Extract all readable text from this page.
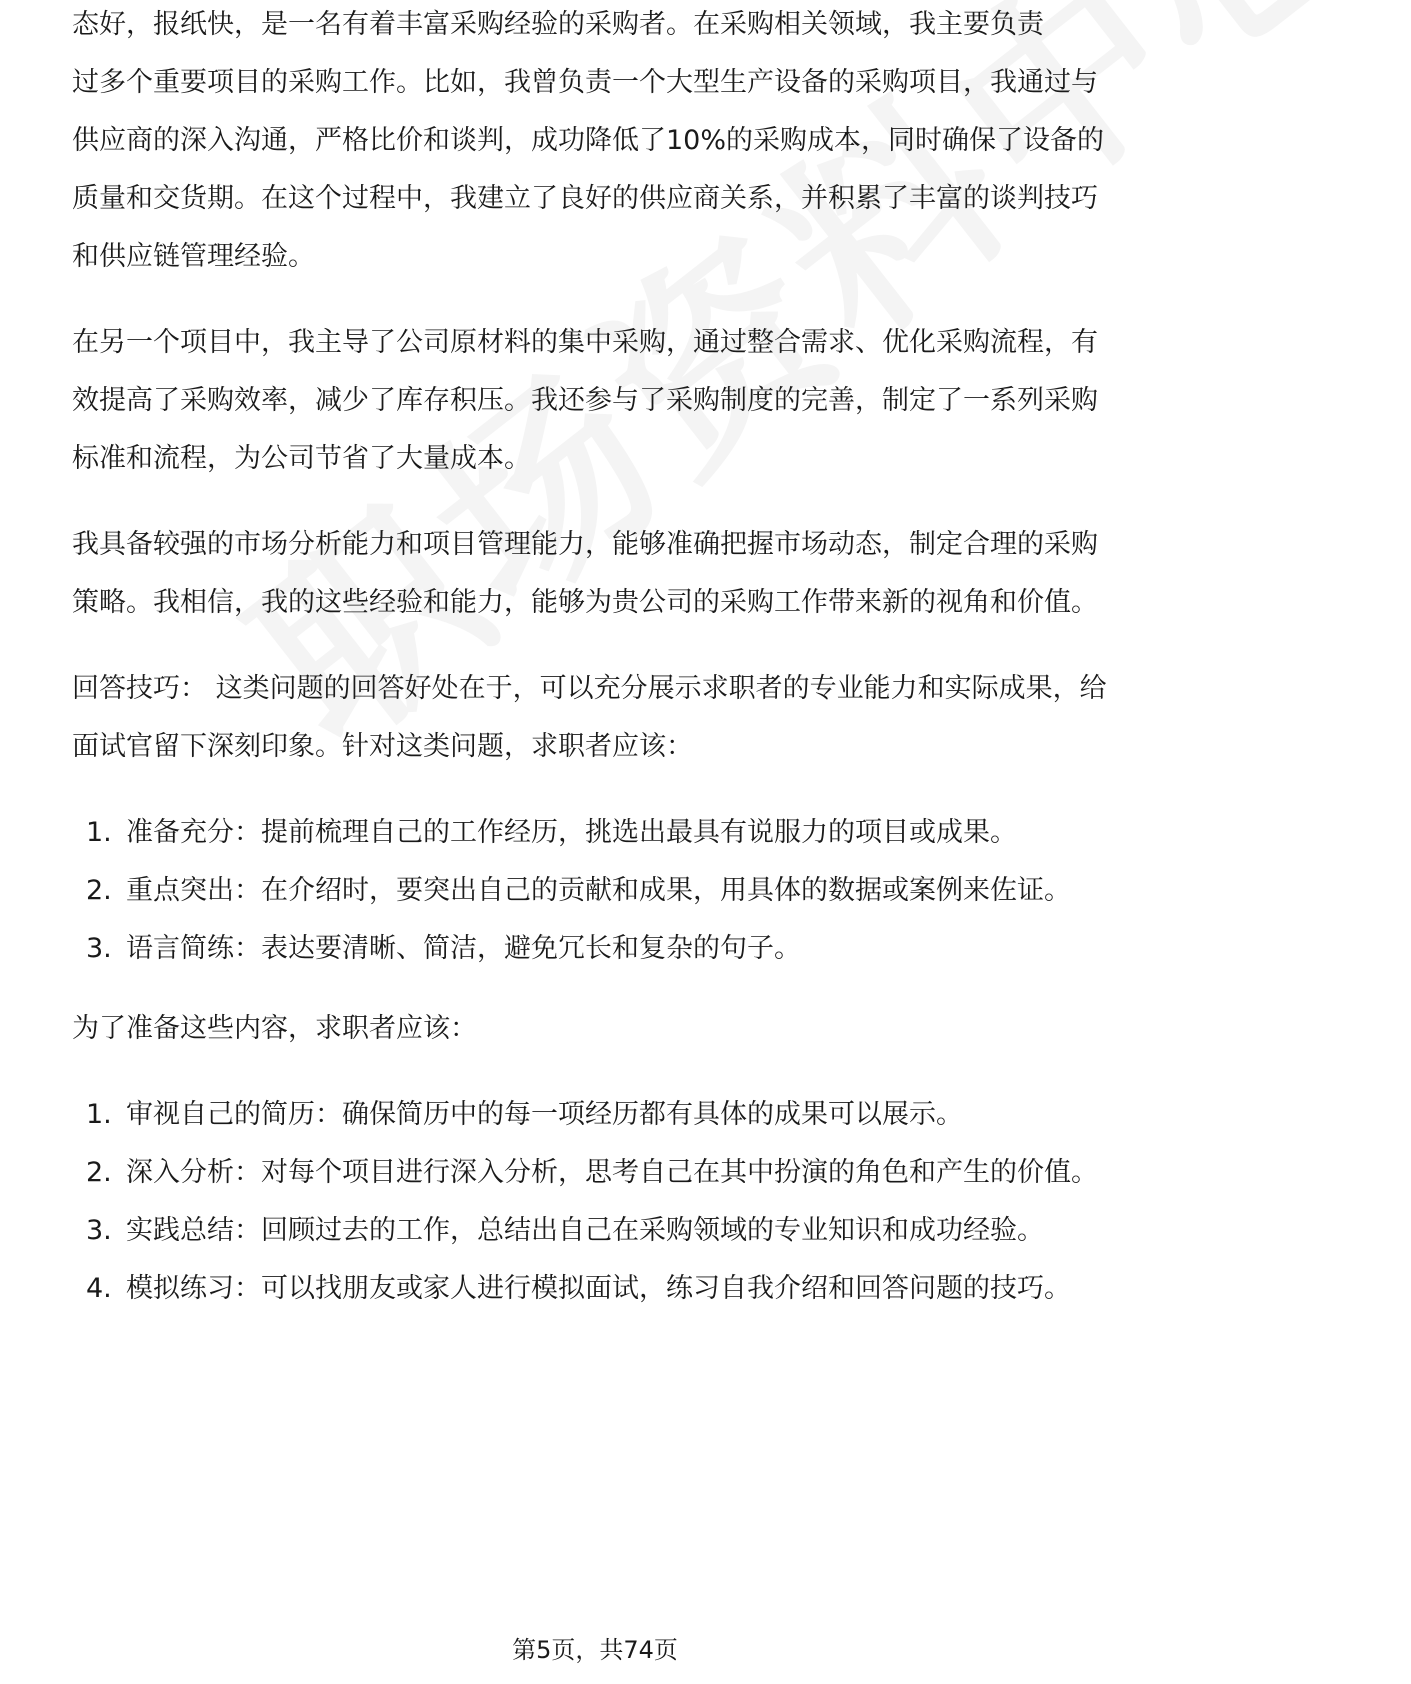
态好，报纸快，是一名有着丰富采购经验的采购者。在采购相关领域，我主要负责

过多个重要项目的采购工作。比如，我曾负责一个大型生产设备的采购项目，我通过与供应商的深入沟通，严格比价和谈判，成功降低了10%的采购成本，同时确保了设备的质量和交货期。在这个过程中，我建立了良好的供应商关系，并积累了丰富的谈判技巧和供应链管理经验。

在另一个项目中，我主导了公司原材料的集中采购，通过整合需求、优化采购流程，有效提高了采购效率，减少了库存积压。我还参与了采购制度的完善，制定了一系列采购标准和流程，为公司节省了大量成本。

我具备较强的市场分析能力和项目管理能力，能够准确把握市场动态，制定合理的采购策略。我相信，我的这些经验和能力，能够为贵公司的采购工作带来新的视角和价值。

回答技巧： 这类问题的回答好处在于，可以充分展示求职者的专业能力和实际成果，给面试官留下深刻印象。针对这类问题，求职者应该：

1. 准备充分：提前梳理自己的工作经历，挑选出最具有说服力的项目或成果。
2. 重点突出：在介绍时，要突出自己的贡献和成果，用具体的数据或案例来佐证。
3. 语言简练：表达要清晰、简洁，避免冗长和复杂的句子。

为了准备这些内容，求职者应该：

1. 审视自己的简历：确保简历中的每一项经历都有具体的成果可以展示。
2. 深入分析：对每个项目进行深入分析，思考自己在其中扮演的角色和产生的价值。
3. 实践总结：回顾过去的工作，总结出自己在采购领域的专业知识和成功经验。
4. 模拟练习：可以找朋友或家人进行模拟面试，练习自我介绍和回答问题的技巧。
第5页，共74页
